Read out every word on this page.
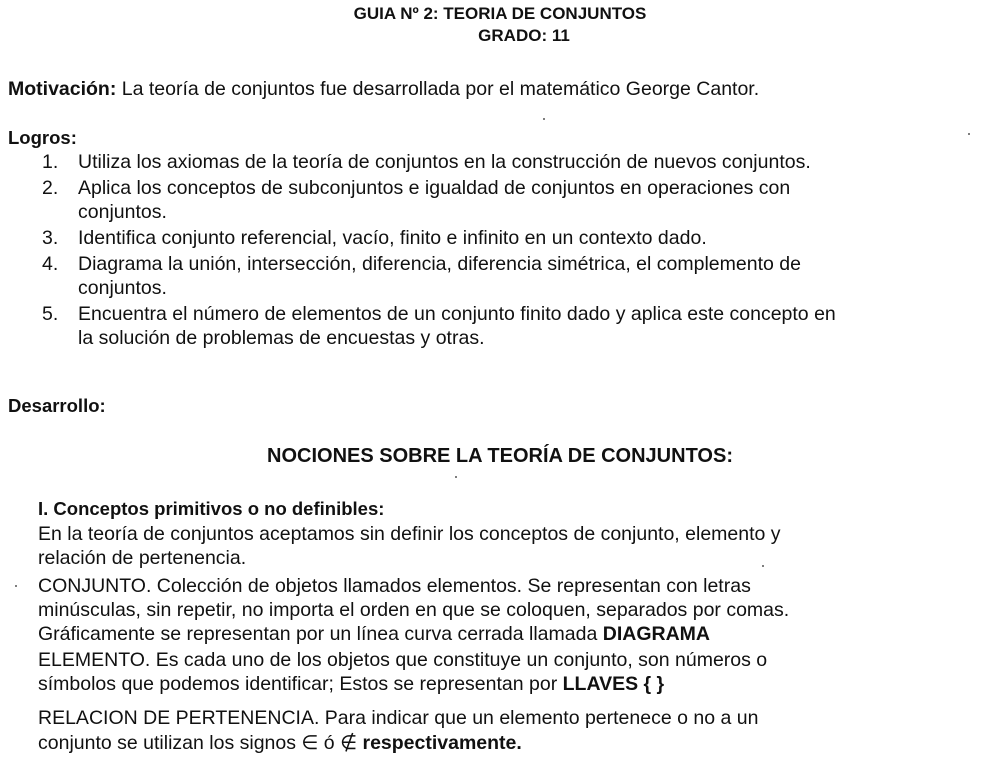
GUIA Nº 2: TEORIA DE CONJUNTOS
GRADO: 11
Motivación: La teoría de conjuntos fue desarrollada por el matemático George Cantor.
Logros:
1. Utiliza los axiomas de la teoría de conjuntos en la construcción de nuevos conjuntos.
2. Aplica los conceptos de subconjuntos e igualdad de conjuntos en operaciones con
conjuntos.
3. Identifica conjunto referencial, vacío, finito e infinito en un contexto dado.
4. Diagrama la unión, intersección, diferencia, diferencia simétrica, el complemento de
conjuntos.
5. Encuentra el número de elementos de un conjunto finito dado y aplica este concepto en
la solución de problemas de encuestas y otras.
Desarrollo:
NOCIONES SOBRE LA TEORÍA DE CONJUNTOS:
I. Conceptos primitivos o no definibles:
En la teoría de conjuntos aceptamos sin definir los conceptos de conjunto, elemento y
relación de pertenencia.
CONJUNTO. Colección de objetos llamados elementos. Se representan con letras
minúsculas, sin repetir, no importa el orden en que se coloquen, separados por comas.
Gráficamente se representan por un línea curva cerrada llamada DIAGRAMA
ELEMENTO. Es cada uno de los objetos que constituye un conjunto, son números o
símbolos que podemos identificar; Estos se representan por LLAVES { }
RELACION DE PERTENENCIA. Para indicar que un elemento pertenece o no a un
conjunto se utilizan los signos ∈ ó ∉ respectivamente.
